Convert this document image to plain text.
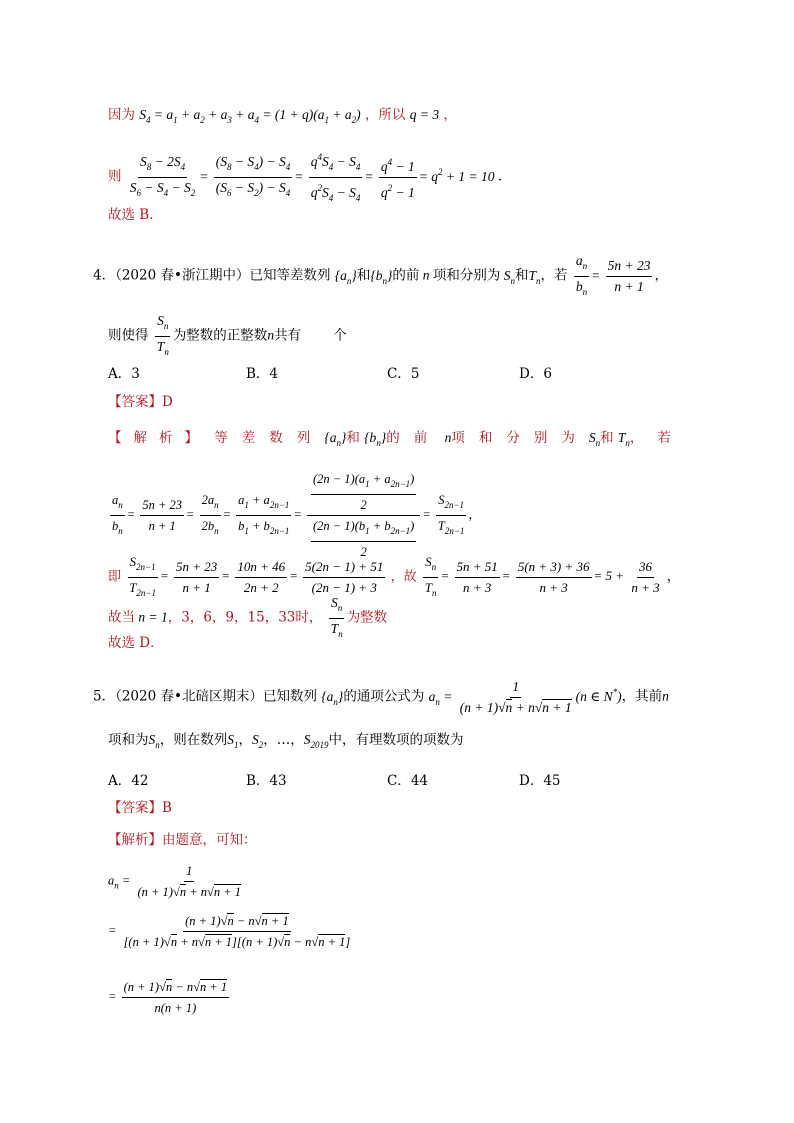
因为 $S_4 = a_1 + a_2 + a_3 + a_4 = (1 + q)(a_1 + a_2)$ ，所以 q = 3 ，
则 $\frac{S_8 - 2S_4}{S_6 - S_4 - S_2} = \frac{(S_8 - S_4) - S_4}{(S_6 - S_2) - S_4} = \frac{q^4S_4 - S_4}{q^2S_4 - S_4} = \frac{q^4 - 1}{q^2 - 1} = q^2 + 1 = 10$ ．
故选 B．
4．（2020 春•浙江期中）已知等差数列 $\{a_n\}$和$\{b_n\}$的前 n 项和分别为 $S_n$和$T_n$，若 $\frac{a_n}{b_n} = \frac{5n + 23}{n + 1}$ ，
则使得 $\frac{S_n}{T_n}$ 为整数的正整数n共有 个
A．3	B．4	C．5	D．6
【答案】D
【解析】 等差数列$\{a_n\}$和 $\{b_n\}$的前 n项和分别为$S_n$和 $T_n$，若
$\frac{a_n}{b_n} = \frac{5n + 23}{n + 1} = \frac{2a_n}{2b_n} = \frac{a_1 + a_{2n-1}}{b_1 + b_{2n-1}} = \frac{\frac{(2n - 1)(a_1 + a_{2n-1})}{2}}{\frac{(2n - 1)(b_1 + b_{2n-1})}{2}} = \frac{S_{2n-1}}{T_{2n-1}}$ ，
即 $\frac{S_{2n-1}}{T_{2n-1}} = \frac{5n + 23}{n + 1} = \frac{10n + 46}{2n + 2} = \frac{5(2n - 1) + 51}{(2n - 1) + 3}$ ，故 $\frac{S_n}{T_n} = \frac{5n + 51}{n + 3} = \frac{5(n + 3) + 36}{n + 3} = 5 + \frac{36}{n + 3}$ ，
故当 n = 1，3，6，9，15，33时， $\frac{S_n}{T_n}$ 为整数
故选 D．
5．（2020 春•北碚区期末）已知数列 $\{a_n\}$的通项公式为 $a_n = \frac{1}{(n + 1)√n + n√n + 1} (n$ ∈ N*)，其前n
项和为$S_n$，则在数列$S_1$，$S_2$，…，$S_{2019}$中，有理数项的项数为
A．42	B．43	C．44	D．45
【答案】B
【解析】由题意，可知：
$a_n = \frac{1}{(n + 1)√n + n√n + 1}$
= $\frac{(n + 1)√n - n√n + 1}{[(n + 1)√n + n√n + 1][(n + 1)√n - n√n + 1]}$
= $\frac{(n + 1)√n - n√n + 1}{n(n + 1)}$
